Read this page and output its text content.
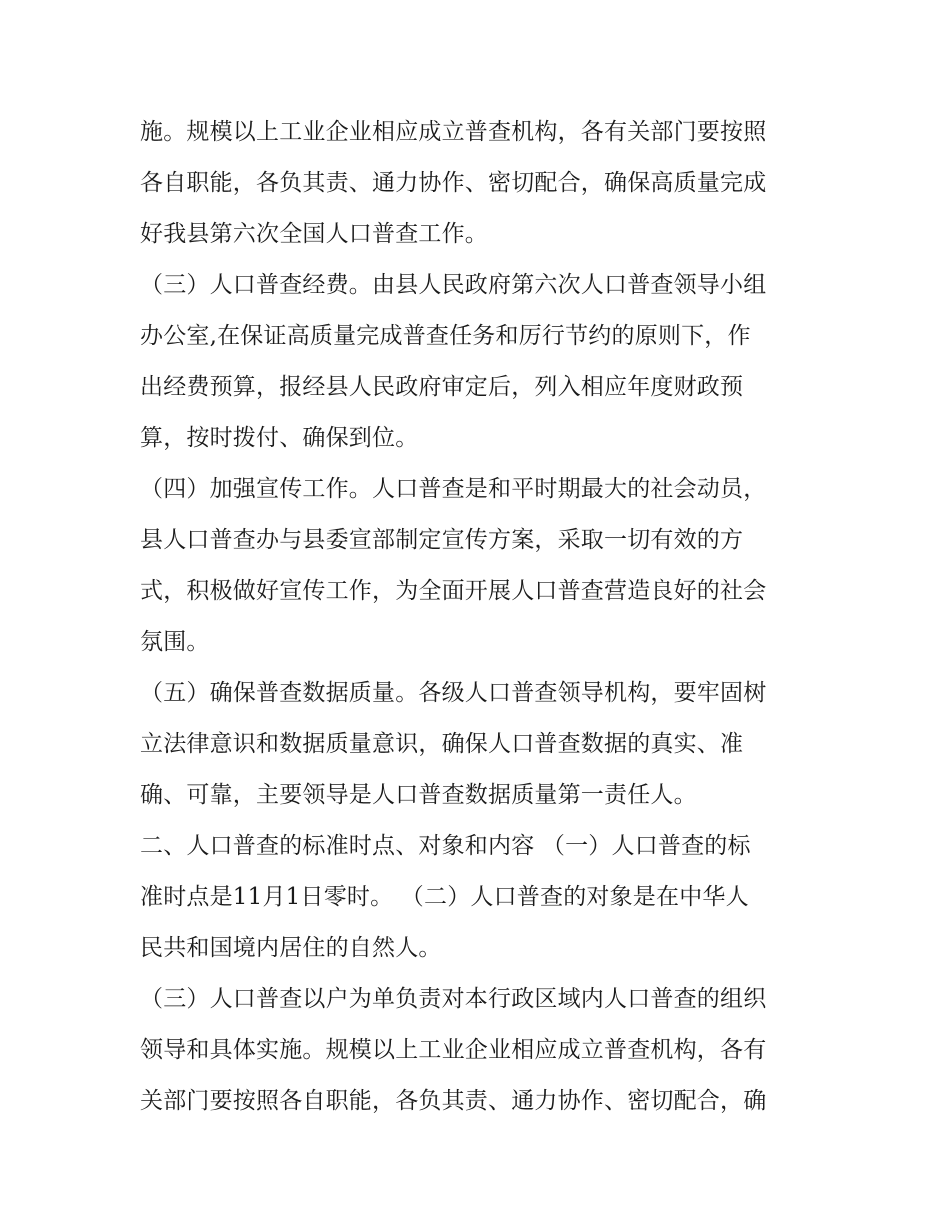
施。规模以上工业企业相应成立普查机构，各有关部门要按照
各自职能，各负其责、通力协作、密切配合，确保高质量完成
好我县第六次全国人口普查工作。
（三）人口普查经费。由县人民政府第六次人口普查领导小组
办公室,在保证高质量完成普查任务和厉行节约的原则下，作
出经费预算，报经县人民政府审定后，列入相应年度财政预
算，按时拨付、确保到位。
（四）加强宣传工作。人口普查是和平时期最大的社会动员，
县人口普查办与县委宣部制定宣传方案，采取一切有效的方
式，积极做好宣传工作，为全面开展人口普查营造良好的社会
氛围。
（五）确保普查数据质量。各级人口普查领导机构，要牢固树
立法律意识和数据质量意识，确保人口普查数据的真实、准
确、可靠，主要领导是人口普查数据质量第一责任人。
二、人口普查的标准时点、对象和内容 （一）人口普查的标
准时点是11月1日零时。 （二）人口普查的对象是在中华人
民共和国境内居住的自然人。
（三）人口普查以户为单负责对本行政区域内人口普查的组织
领导和具体实施。规模以上工业企业相应成立普查机构，各有
关部门要按照各自职能，各负其责、通力协作、密切配合，确
